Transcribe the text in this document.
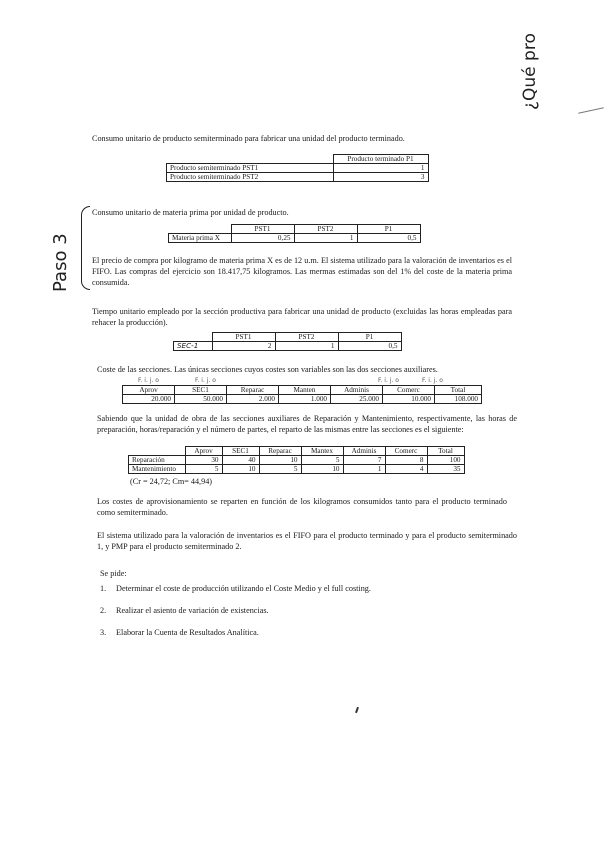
¿Qué pro
Paso 3

Consumo unitario de producto semiterminado para fabricar una unidad del producto terminado.

	Producto terminado P1
Producto semiterminado PST1	1
Producto semiterminado PST2	3

Consumo unitario de materia prima por unidad de producto.

	PST1	PST2	P1
Materia prima X	0,25	1	0,5

El precio de compra por kilogramo de materia prima X es de 12 u.m. El sistema utilizado para la valoración de inventarios es el FIFO. Las compras del ejercicio son 18.417,75 kilogramos. Las mermas estimadas son del 1% del coste de la materia prima consumida.

Tiempo unitario empleado por la sección productiva para fabricar una unidad de producto (excluidas las horas empleadas para rehacer la producción).

	PST1	PST2	P1
SEC-1	2	1	0,5

Coste de las secciones. Las únicas secciones cuyos costes son variables son las dos secciones auxiliares.

F. i. j. o	F. i. j. o	F. i. j. o	F. i. j. o
Aprov	SEC1	Reparac	Manten	Adminis	Comerc	Total
20.000	50.000	2.000	1.000	25.000	10.000	108.000

Sabiendo que la unidad de obra de las secciones auxiliares de Reparación y Mantenimiento, respectivamente, las horas de preparación, horas/reparación y el número de partes, el reparto de las mismas entre las secciones es el siguiente:

	Aprov	SEC1	Reparac	Mantex	Adminis	Comerc	Total
Reparación	30	40	10	5	7	8	100
Mantenimiento	5	10	5	10	1	4	35

(Cr = 24,72; Cm= 44,94)

Los costes de aprovisionamiento se reparten en función de los kilogramos consumidos tanto para el producto terminado como semiterminado.

El sistema utilizado para la valoración de inventarios es el FIFO para el producto terminado y para el producto semiterminado 1, y PMP para el producto semiterminado 2.

Se pide:

1. Determinar el coste de producción utilizando el Coste Medio y el full costing.
2. Realizar el asiento de variación de existencias.
3. Elaborar la Cuenta de Resultados Analítica.
